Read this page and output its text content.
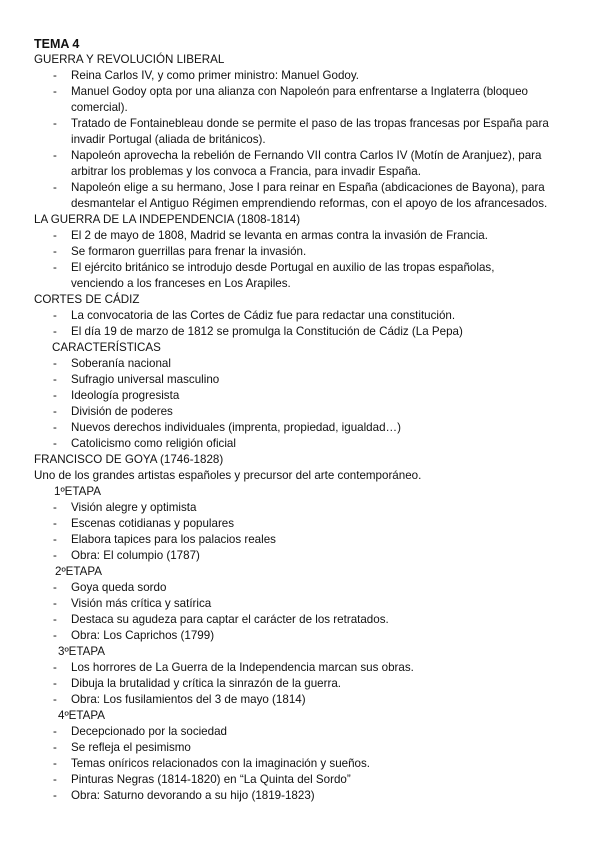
TEMA 4
GUERRA Y REVOLUCIÓN LIBERAL
- Reina Carlos IV, y como primer ministro: Manuel Godoy.
- Manuel Godoy opta por una alianza con Napoleón para enfrentarse a Inglaterra (bloqueo
comercial).
- Tratado de Fontainebleau donde se permite el paso de las tropas francesas por España para
invadir Portugal (aliada de británicos).
- Napoleón aprovecha la rebelión de Fernando VII contra Carlos IV (Motín de Aranjuez), para
arbitrar los problemas y los convoca a Francia, para invadir España.
- Napoleón elige a su hermano, Jose I para reinar en España (abdicaciones de Bayona), para
desmantelar el Antiguo Régimen emprendiendo reformas, con el apoyo de los afrancesados.
LA GUERRA DE LA INDEPENDENCIA (1808-1814)
- El 2 de mayo de 1808, Madrid se levanta en armas contra la invasión de Francia.
- Se formaron guerrillas para frenar la invasión.
- El ejército británico se introdujo desde Portugal en auxilio de las tropas españolas,
venciendo a los franceses en Los Arapiles.
CORTES DE CÁDIZ
- La convocatoria de las Cortes de Cádiz fue para redactar una constitución.
- El día 19 de marzo de 1812 se promulga la Constitución de Cádiz (La Pepa)
CARACTERÍSTICAS
- Soberanía nacional
- Sufragio universal masculino
- Ideología progresista
- División de poderes
- Nuevos derechos individuales (imprenta, propiedad, igualdad…)
- Catolicismo como religión oficial
FRANCISCO DE GOYA (1746-1828)
Uno de los grandes artistas españoles y precursor del arte contemporáneo.
1ºETAPA
- Visión alegre y optimista
- Escenas cotidianas y populares
- Elabora tapices para los palacios reales
- Obra: El columpio (1787)
2ºETAPA
- Goya queda sordo
- Visión más crítica y satírica
- Destaca su agudeza para captar el carácter de los retratados.
- Obra: Los Caprichos (1799)
3ºETAPA
- Los horrores de La Guerra de la Independencia marcan sus obras.
- Dibuja la brutalidad y crítica la sinrazón de la guerra.
- Obra: Los fusilamientos del 3 de mayo (1814)
4ºETAPA
- Decepcionado por la sociedad
- Se refleja el pesimismo
- Temas oníricos relacionados con la imaginación y sueños.
- Pinturas Negras (1814-1820) en “La Quinta del Sordo”
- Obra: Saturno devorando a su hijo (1819-1823)
